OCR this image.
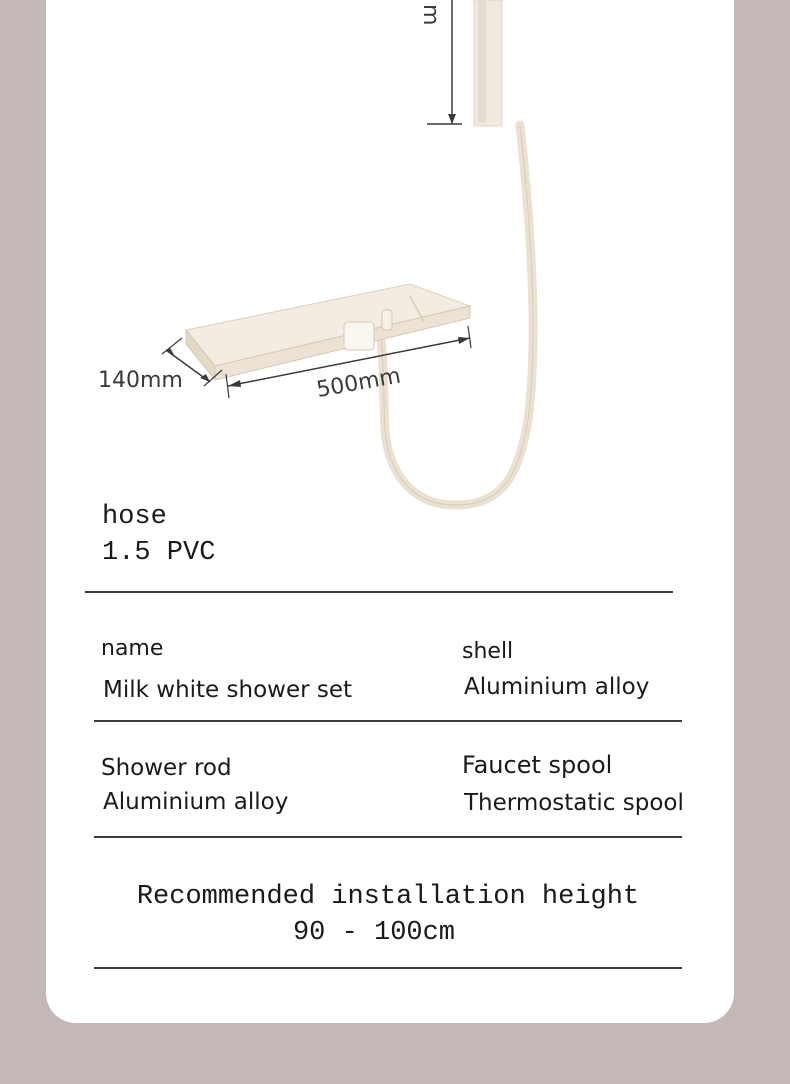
m
140mm	500mm
hose
1.5 PVC
name
Milk white shower set
shell
Aluminium alloy
Shower rod
Aluminium alloy
Faucet spool
Thermostatic spool
Recommended installation height
90 - 100cm
